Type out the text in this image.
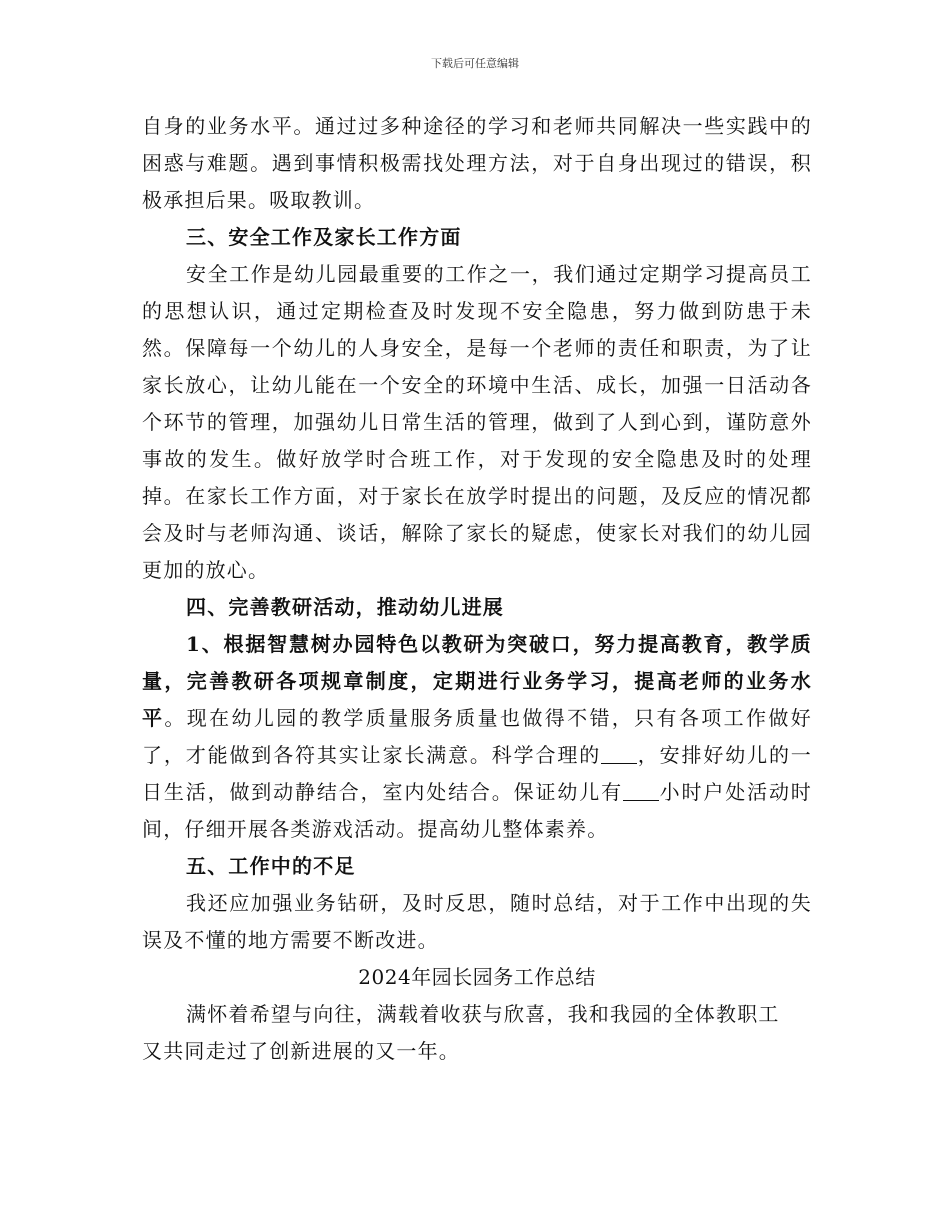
下载后可任意编辑

自身的业务水平。通过过多种途径的学习和老师共同解决一些实践中的困惑与难题。遇到事情积极需找处理方法，对于自身出现过的错误，积极承担后果。吸取教训。

三、安全工作及家长工作方面

安全工作是幼儿园最重要的工作之一，我们通过定期学习提高员工的思想认识，通过定期检查及时发现不安全隐患，努力做到防患于未然。保障每一个幼儿的人身安全，是每一个老师的责任和职责，为了让家长放心，让幼儿能在一个安全的环境中生活、成长，加强一日活动各个环节的管理，加强幼儿日常生活的管理，做到了人到心到，谨防意外事故的发生。做好放学时合班工作，对于发现的安全隐患及时的处理掉。在家长工作方面，对于家长在放学时提出的问题，及反应的情况都会及时与老师沟通、谈话，解除了家长的疑虑，使家长对我们的幼儿园更加的放心。

四、完善教研活动，推动幼儿进展

1、根据智慧树办园特色以教研为突破口，努力提高教育，教学质量，完善教研各项规章制度，定期进行业务学习，提高老师的业务水平。现在幼儿园的教学质量服务质量也做得不错，只有各项工作做好了，才能做到各符其实让家长满意。科学合理的 ，安排好幼儿的一日生活，做到动静结合，室内处结合。保证幼儿有 小时户处活动时间，仔细开展各类游戏活动。提高幼儿整体素养。

五、工作中的不足

我还应加强业务钻研，及时反思，随时总结，对于工作中出现的失误及不懂的地方需要不断改进。

2024年园长园务工作总结

满怀着希望与向往，满载着收获与欣喜，我和我园的全体教职工

又共同走过了创新进展的又一年。
